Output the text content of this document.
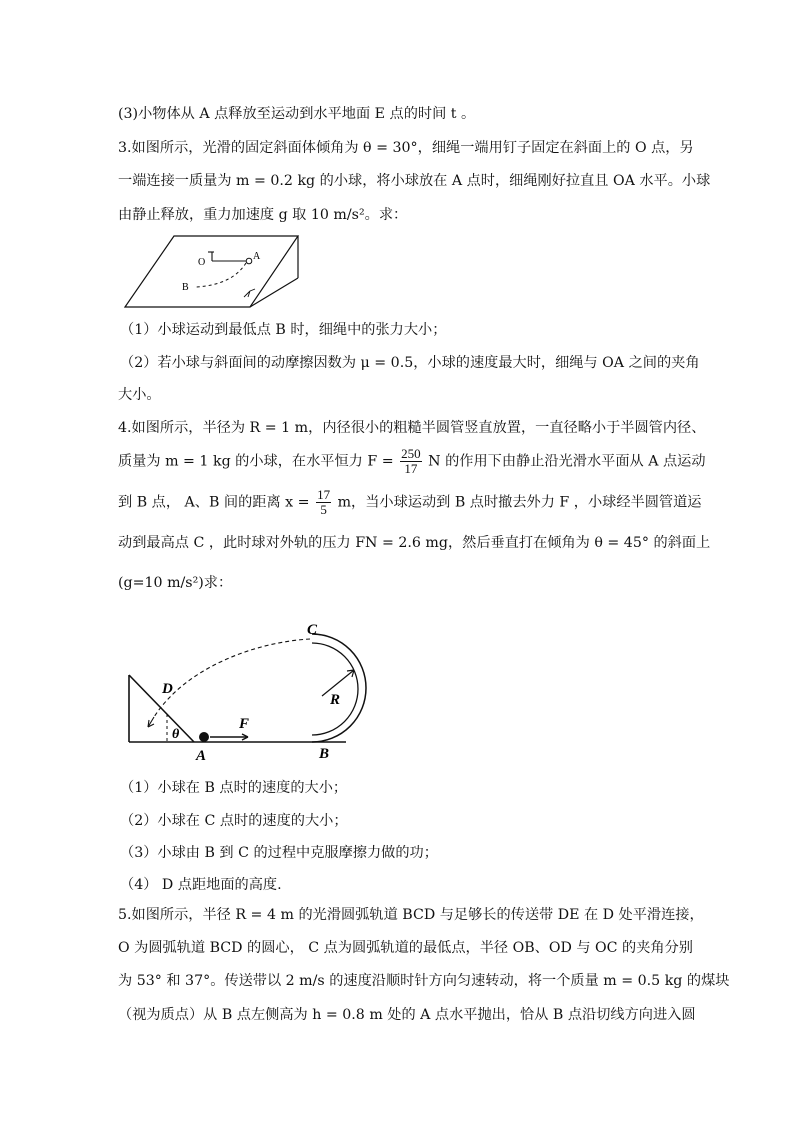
(3)小物体从 A 点释放至运动到水平地面 E 点的时间 t 。
3.如图所示，光滑的固定斜面体倾角为 θ = 30°，细绳一端用钉子固定在斜面上的 O 点，另
一端连接一质量为 m = 0.2 kg 的小球，将小球放在 A 点时，细绳刚好拉直且 OA 水平。小球
由静止释放，重力加速度 g 取 10 m/s²。求：
O
A
B
（1）小球运动到最低点 B 时，细绳中的张力大小；
（2）若小球与斜面间的动摩擦因数为 μ = 0.5，小球的速度最大时，细绳与 OA 之间的夹角
大小。
4.如图所示，半径为 R = 1 m，内径很小的粗糙半圆管竖直放置，一直径略小于半圆管内径、
质量为 m = 1 kg 的小球，在水平恒力 $F = \frac{250}{17}$ N 的作用下由静止沿光滑水平面从 A 点运动
到 B 点， A、B 间的距离 $x = \frac{17}{5}$ m，当小球运动到 B 点时撤去外力 F ，小球经半圆管道运
动到最高点 C ，此时球对外轨的压力 FN = 2.6 mg，然后垂直打在倾角为 θ = 45° 的斜面上
(g=10 m/s²)求：
C
D
R
F
θ
A	B
（1）小球在 B 点时的速度的大小；
（2）小球在 C 点时的速度的大小；
（3）小球由 B 到 C 的过程中克服摩擦力做的功；
（4） D 点距地面的高度.
5.如图所示，半径 R = 4 m 的光滑圆弧轨道 BCD 与足够长的传送带 DE 在 D 处平滑连接，
O 为圆弧轨道 BCD 的圆心， C 点为圆弧轨道的最低点，半径 OB、OD 与 OC 的夹角分别
为 53° 和 37°。传送带以 2 m/s 的速度沿顺时针方向匀速转动，将一个质量 m = 0.5 kg 的煤块
（视为质点）从 B 点左侧高为 h = 0.8 m 处的 A 点水平抛出，恰从 B 点沿切线方向进入圆
